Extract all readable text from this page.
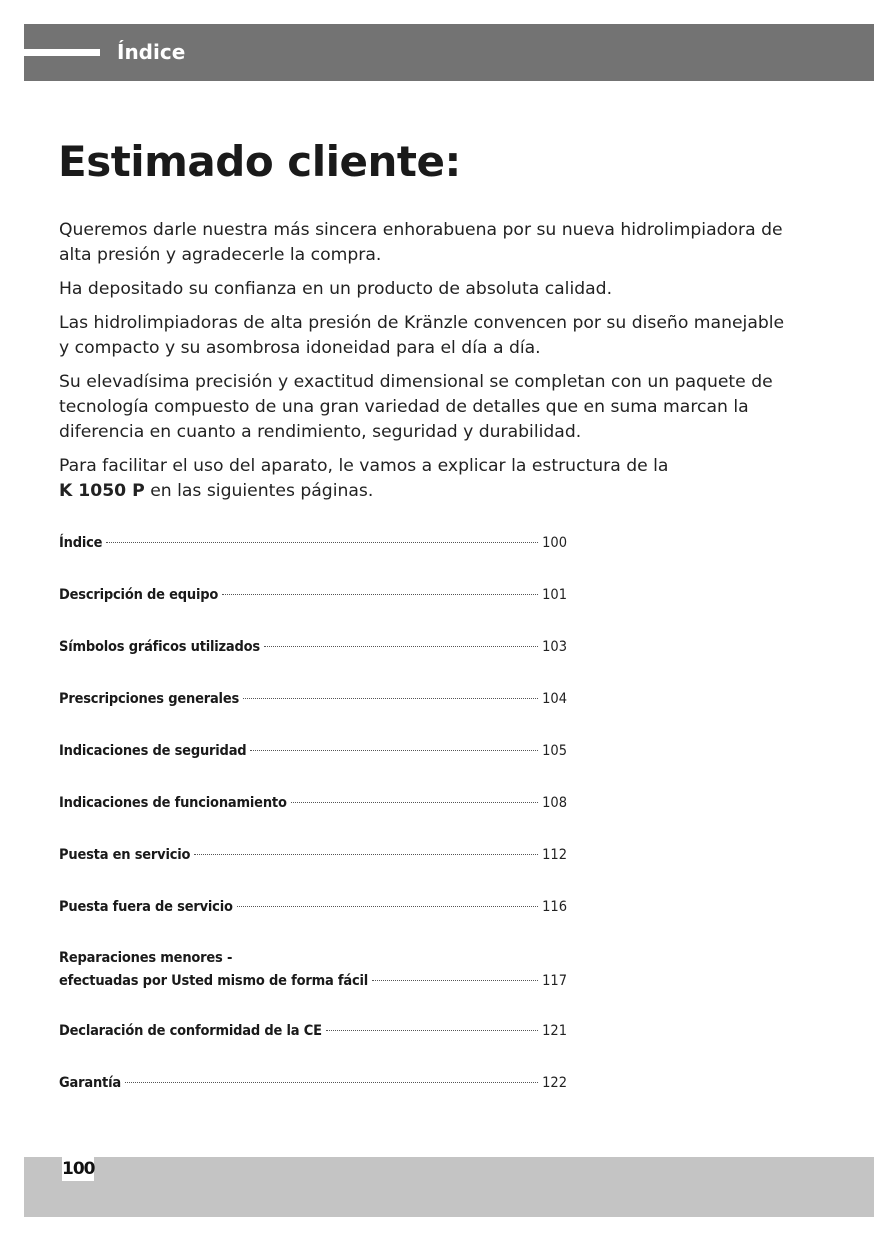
Índice
Estimado cliente:

Queremos darle nuestra más sincera enhorabuena por su nueva hidrolimpiadora de alta presión y agradecerle la compra.

Ha depositado su confianza en un producto de absoluta calidad.

Las hidrolimpiadoras de alta presión de Kränzle convencen por su diseño manejable y compacto y su asombrosa idoneidad para el día a día.

Su elevadísima precisión y exactitud dimensional se completan con un paquete de tecnología compuesto de una gran variedad de detalles que en suma marcan la diferencia en cuanto a rendimiento, seguridad y durabilidad.

Para facilitar el uso del aparato, le vamos a explicar la estructura de la
K 1050 P en las siguientes páginas.

Índice	100
Descripción de equipo	101
Símbolos gráficos utilizados	103
Prescripciones generales	104
Indicaciones de seguridad	105
Indicaciones de funcionamiento	108
Puesta en servicio	112
Puesta fuera de servicio	116
Reparaciones menores -
efectuadas por Usted mismo de forma fácil	117
Declaración de conformidad de la CE	121
Garantía	122
100
